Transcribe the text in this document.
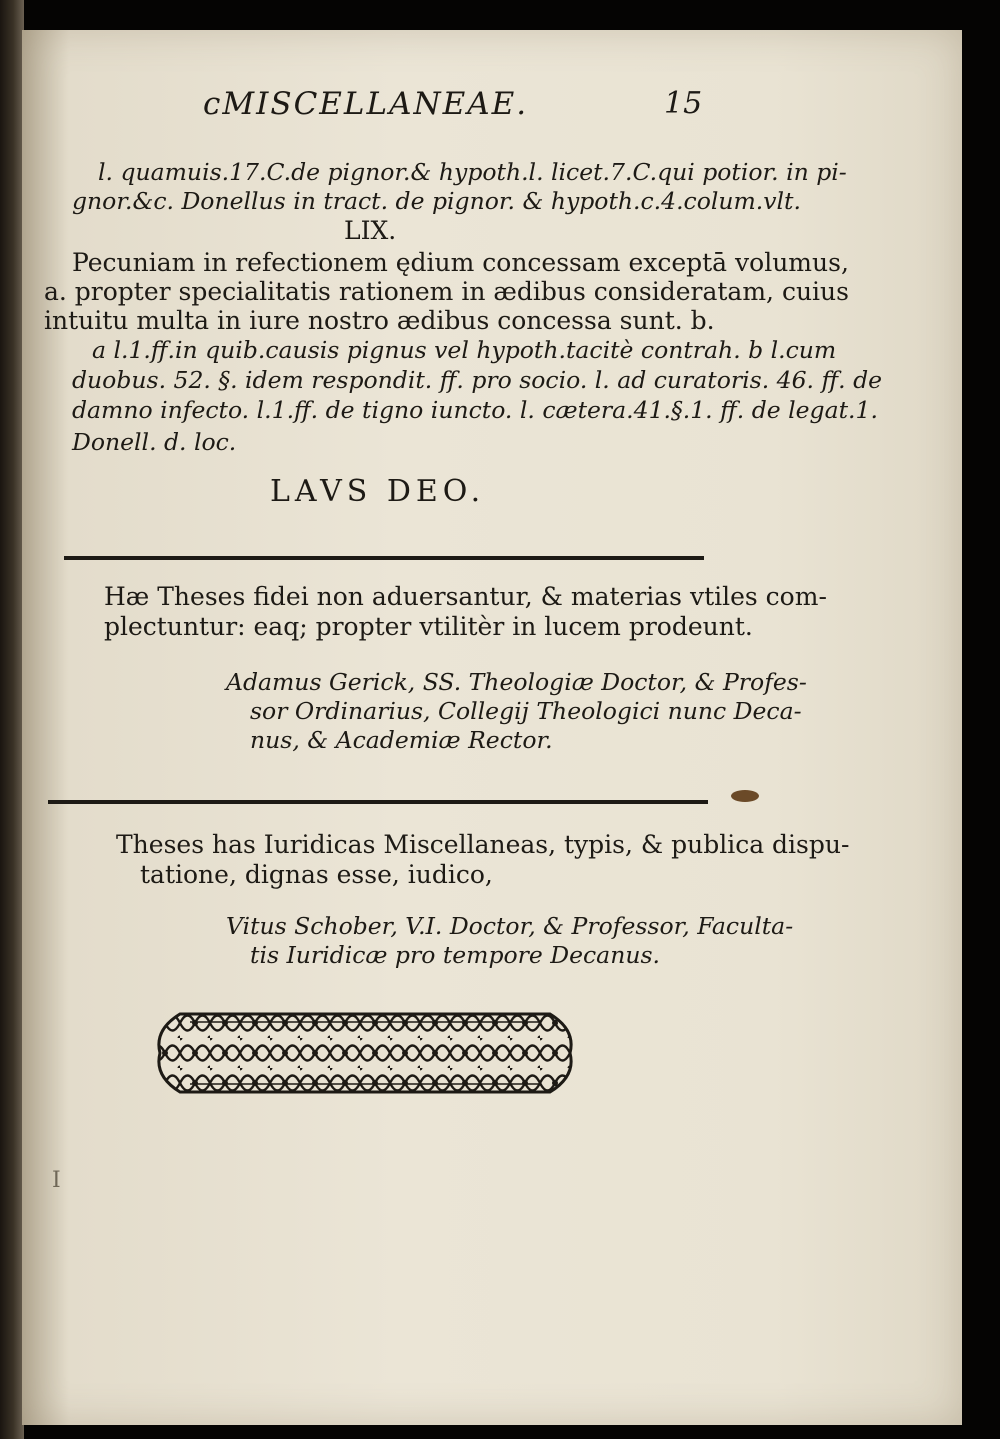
ᴄMISCELLANEAE.	15
l. quamuis.17.C.de pignor.& hypoth.l. licet.7.C.qui potior. in pi-
gnor.&c. Donellus in tract. de pignor. & hypoth.c.4.colum.vlt.
LIX.
Pecuniam in refectionem ędium concessam exceptā volumus,
a. propter specialitatis rationem in ædibus consideratam, cuius
intuitu multa in iure nostro ædibus concessa sunt. b.
a l.1.ff.in quib.causis pignus vel hypoth.tacitè contrah. b l.cum
duobus. 52. §. idem respondit. ff. pro socio. l. ad curatoris. 46. ff. de
damno infecto. l.1.ff. de tigno iuncto. l. cætera.41.§.1. ff. de legat.1.
Donell. d. loc.
LAVS DEO.
Hæ Theses fidei non aduersantur, & materias vtiles com-
plectuntur: eaq; propter vtilitèr in lucem prodeunt.
Adamus Gerick, SS. Theologiæ Doctor, & Profes-
sor Ordinarius, Collegij Theologici nunc Deca-
nus, & Academiæ Rector.
Theses has Iuridicas Miscellaneas, typis, & publica dispu-
tatione, dignas esse, iudico,
Vitus Schober, V.I. Doctor, & Professor, Faculta-
tis Iuridicæ pro tempore Decanus.
I
